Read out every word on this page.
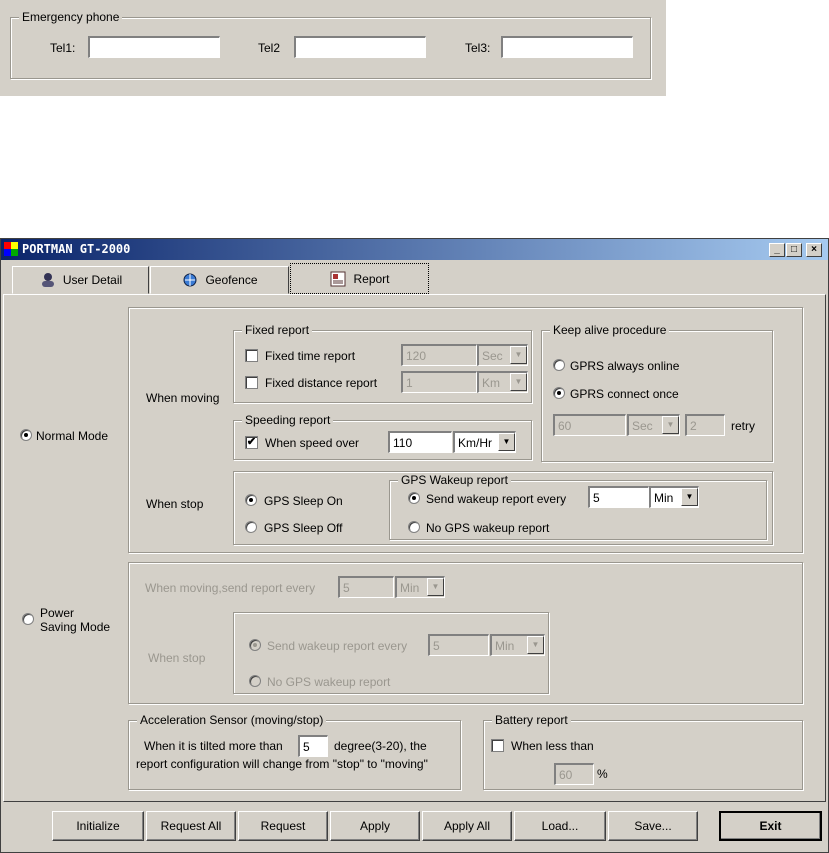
Emergency phone
Tel1:	Tel2	Tel3:
PORTMAN GT-2000	_	□	×
User Detail	Geofence	Report
Normal Mode
When moving
When stop
Fixed report
Fixed time report	120	Sec	▼
Fixed distance report	1	Km	▼
Speeding report
✔ When speed over	110	Km/Hr	▼
Keep alive procedure
GPRS always online
GPRS connect once
60	Sec	▼	2	retry
GPS Sleep On
GPS Sleep Off
GPS Wakeup report
Send wakeup report every	5	Min	▼
No GPS wakeup report
Power
Saving Mode
When moving,send report every	5	Min	▼
When stop
Send wakeup report every	5	Min	▼
No GPS wakeup report
Acceleration Sensor (moving/stop)
When it is tilted more than	5	degree(3-20), the
report configuration will change from "stop" to "moving"
Battery report
When less than
60	%
Initialize	Request All	Request	Apply	Apply All	Load...	Save...	Exit
